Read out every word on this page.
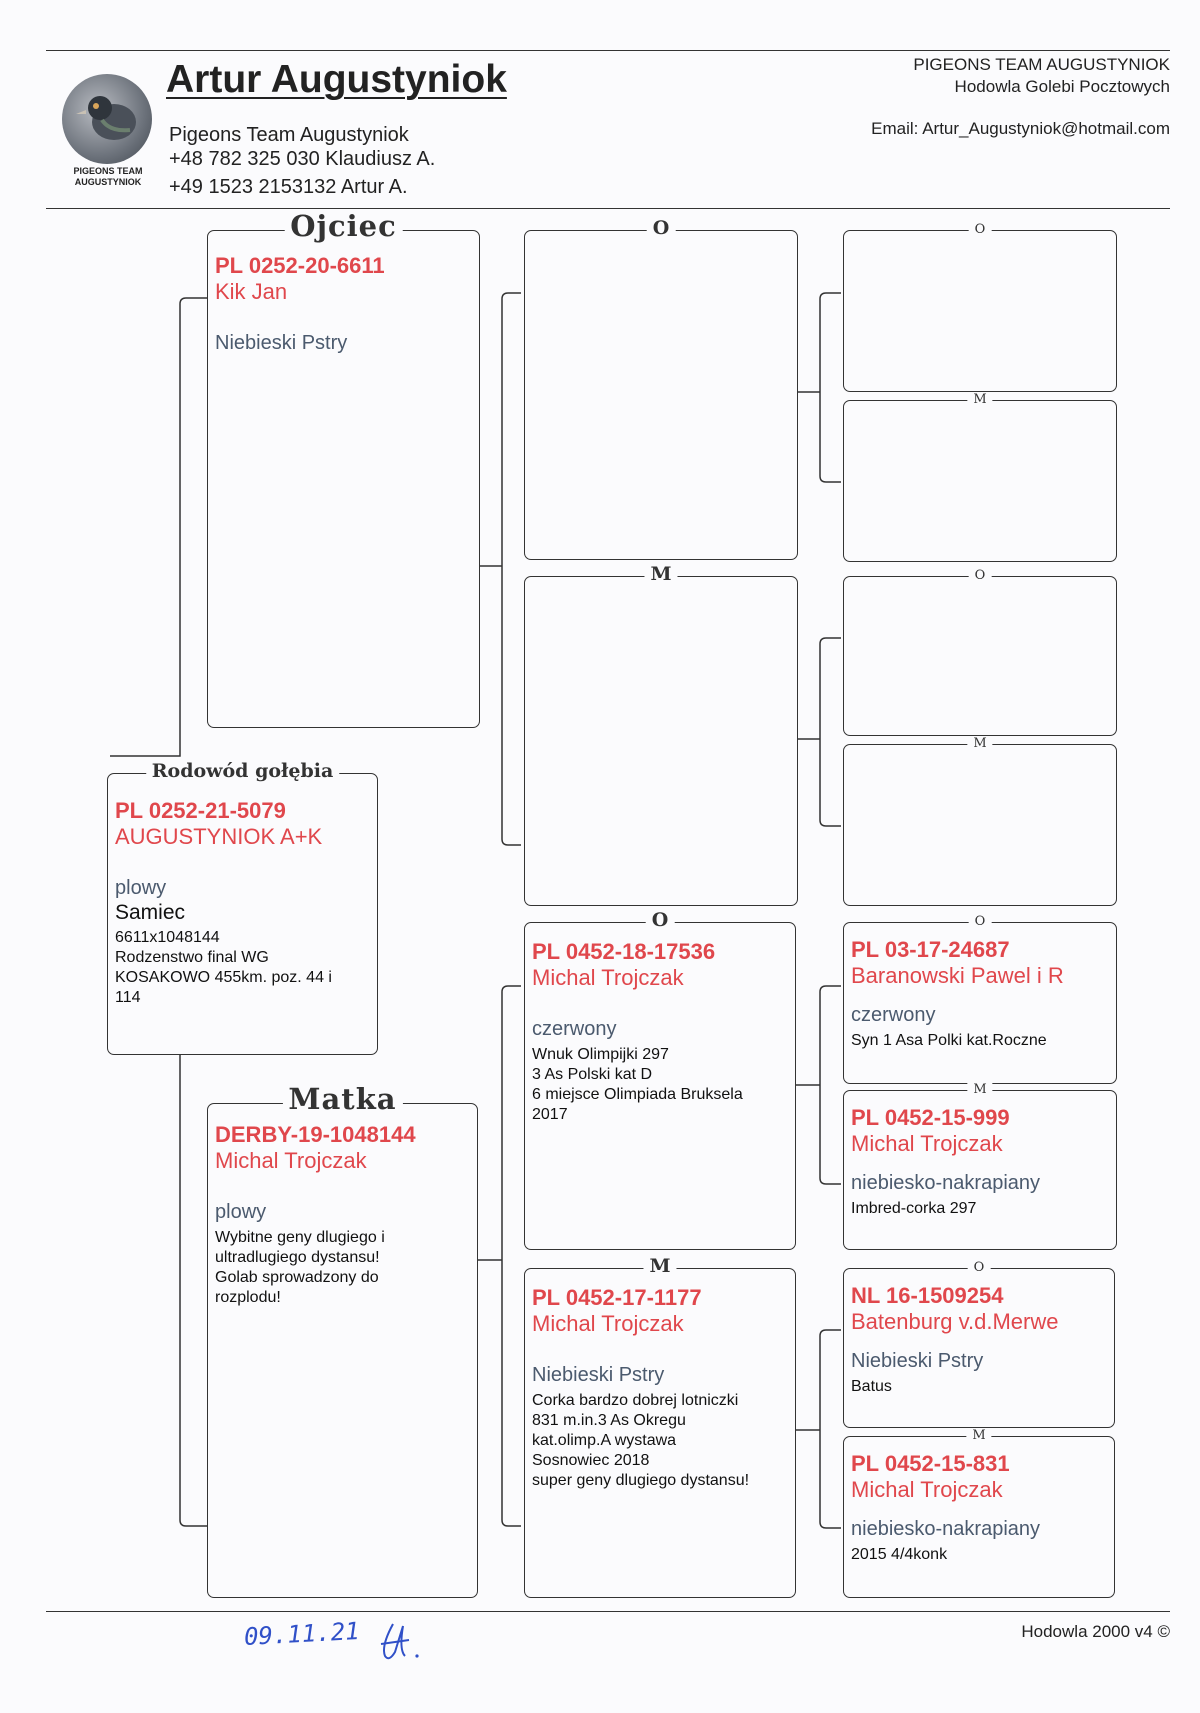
PIGEONS TEAM
AUGUSTYNIOK
Artur Augustyniok
Pigeons Team Augustyniok
+48 782 325 030 Klaudiusz A.
+49 1523 2153132 Artur A.
PIGEONS TEAM AUGUSTYNIOK
Hodowla Golebi Pocztowych
Email: Artur_Augustyniok@hotmail.com
Rodowód gołębia
PL 0252-21-5079
AUGUSTYNIOK A+K
plowy
Samiec
6611x1048144
Rodzenstwo final WG
KOSAKOWO 455km. poz. 44 i
114
Ojciec
PL 0252-20-6611
Kik Jan
Niebieski Pstry
Matka
DERBY-19-1048144
Michal Trojczak
plowy
Wybitne geny dlugiego i
ultradlugiego dystansu!
Golab sprowadzony do
rozplodu!
O
M
O
PL 0452-18-17536
Michal Trojczak
czerwony
Wnuk Olimpijki 297
3 As Polski kat D
6 miejsce Olimpiada Bruksela
2017
M
PL 0452-17-1177
Michal Trojczak
Niebieski Pstry
Corka bardzo dobrej lotniczki
831 m.in.3 As Okregu
kat.olimp.A wystawa
Sosnowiec 2018
super geny dlugiego dystansu!
O
M
O
M
O
PL 03-17-24687
Baranowski Pawel i R
czerwony
Syn 1 Asa Polki kat.Roczne
M
PL 0452-15-999
Michal Trojczak
niebiesko-nakrapiany
Imbred-corka 297
O
NL 16-1509254
Batenburg v.d.Merwe
Niebieski Pstry
Batus
M
PL 0452-15-831
Michal Trojczak
niebiesko-nakrapiany
2015 4/4konk
Hodowla 2000 v4 ©
09.11.21
